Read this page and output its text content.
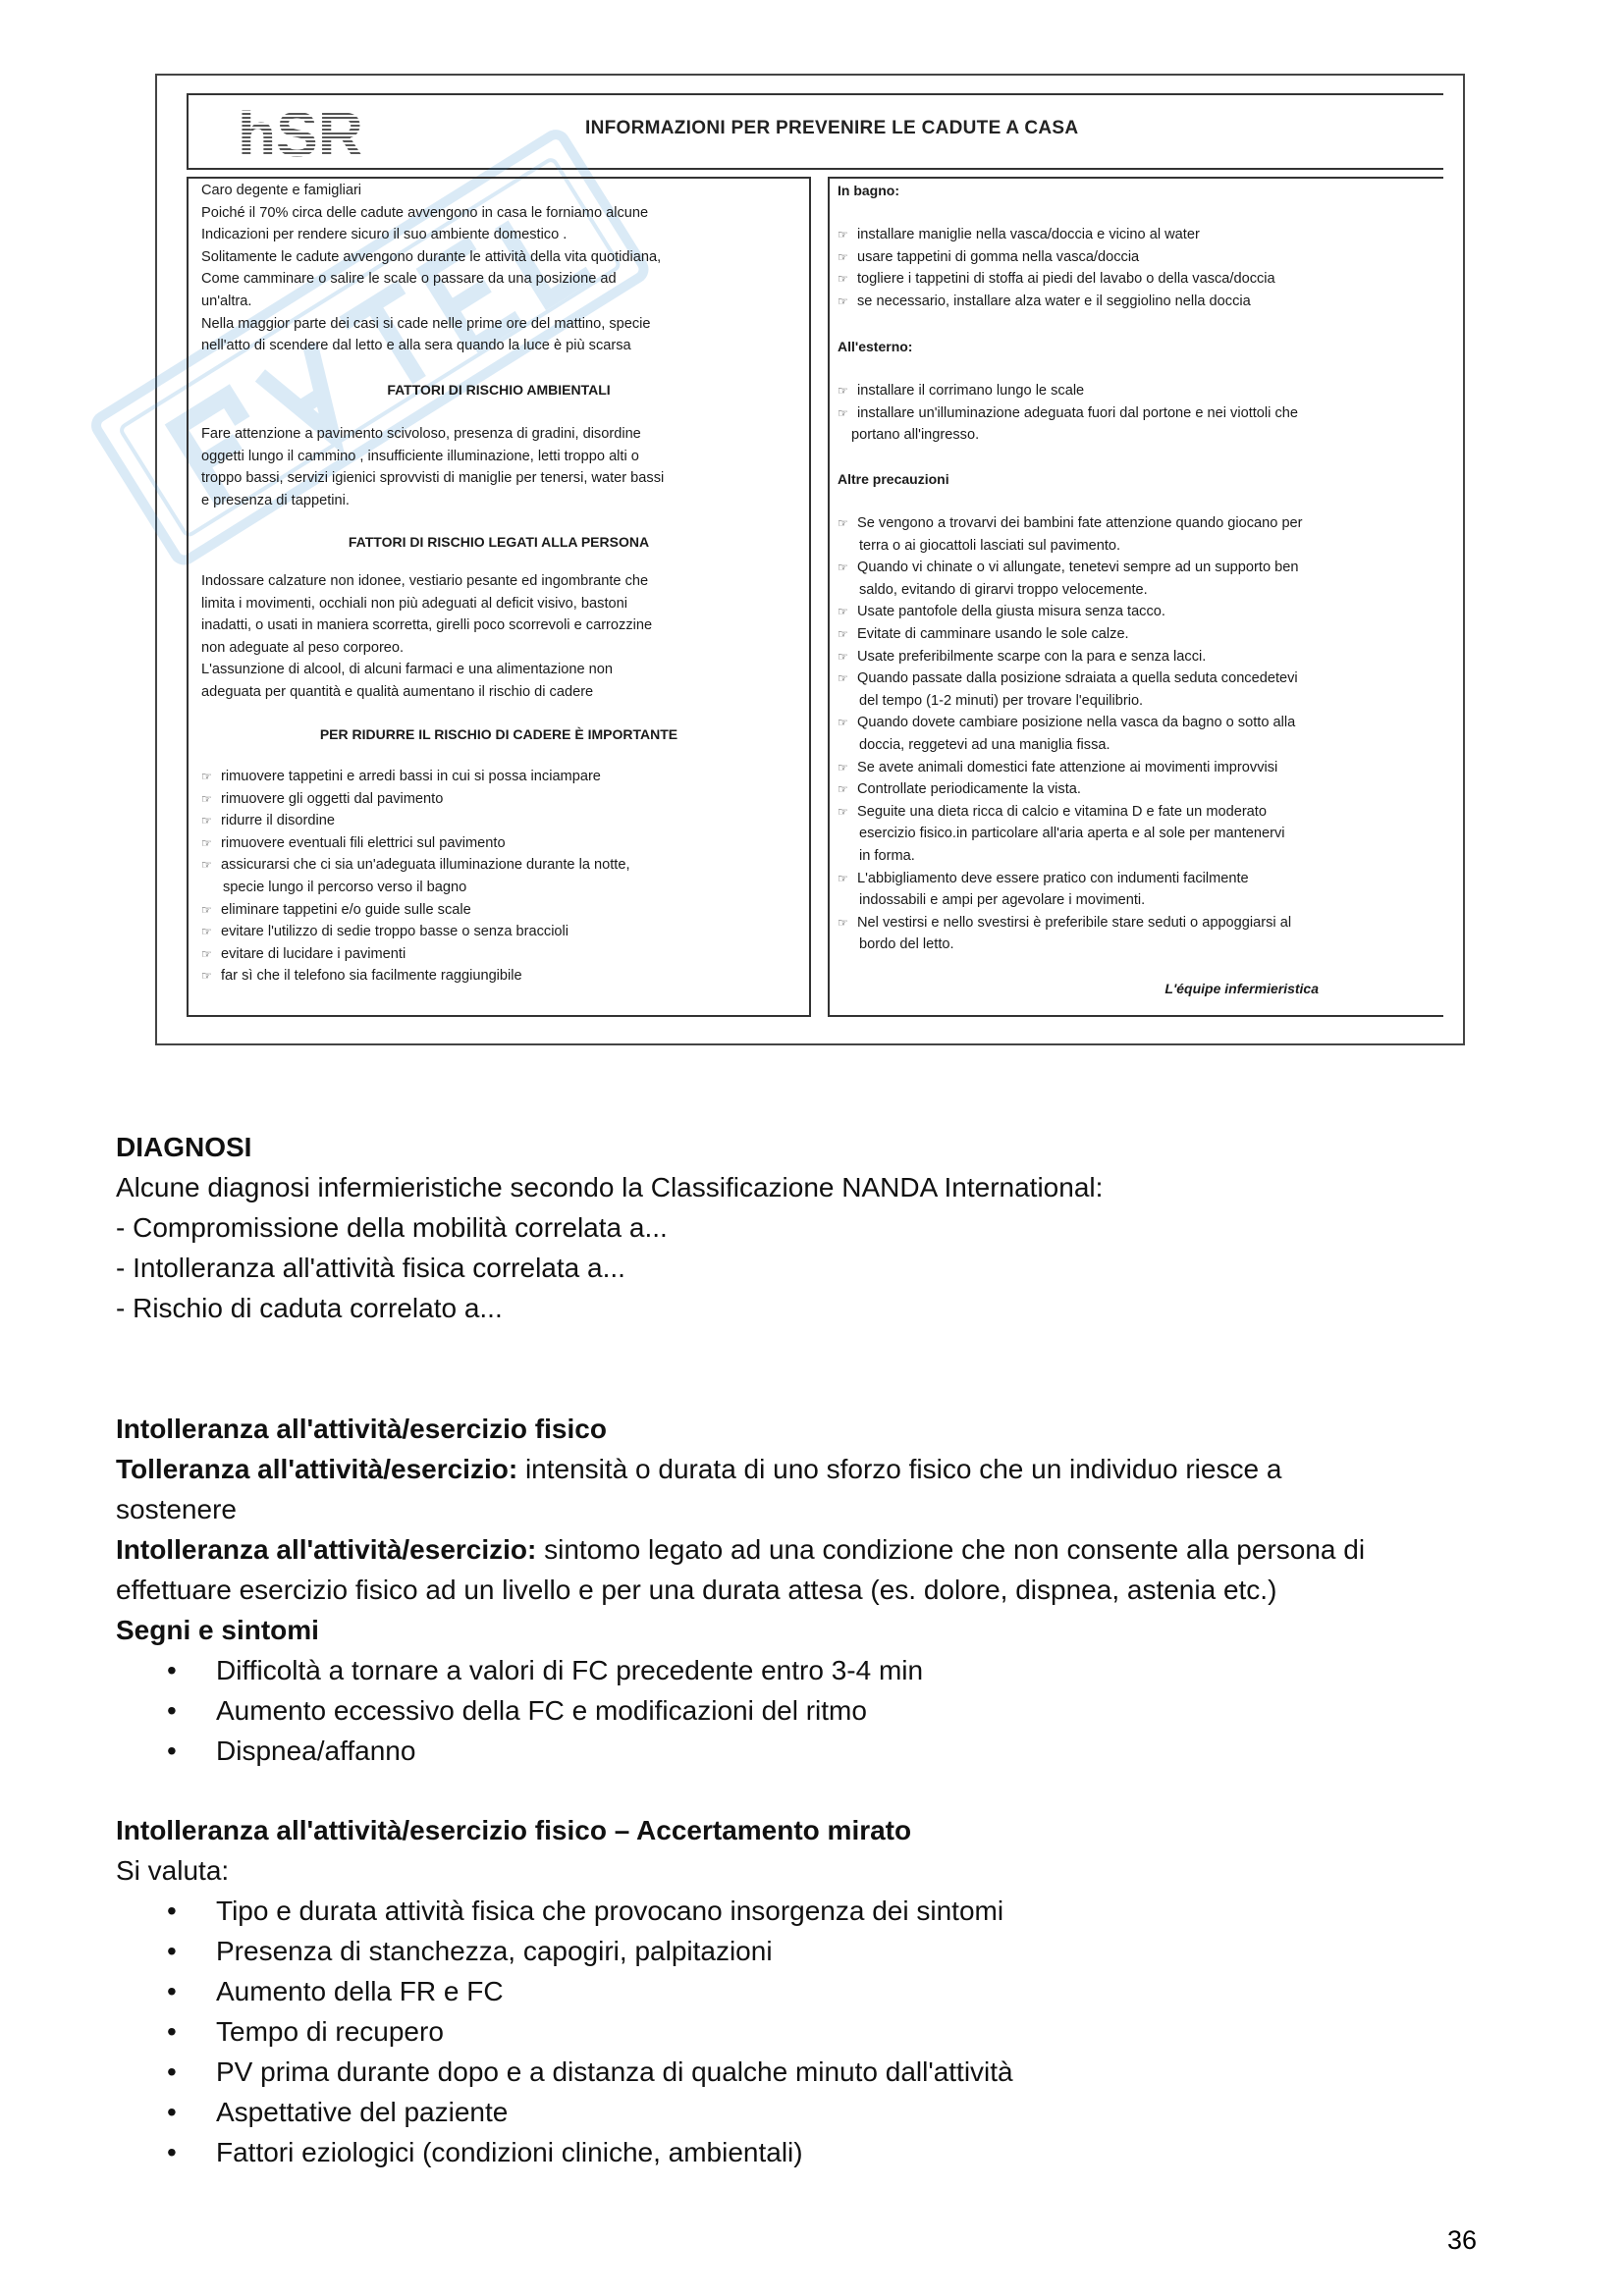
hSR	INFORMAZIONI PER PREVENIRE LE CADUTE A CASA

Caro degente e famigliari

Poiché il 70% circa delle cadute avvengono in casa le forniamo alcune

Indicazioni per rendere sicuro il suo ambiente domestico .

Solitamente le cadute avvengono durante le attività della vita quotidiana,

Come camminare o salire le scale o passare da una posizione ad

un'altra.

Nella maggior parte dei casi si cade nelle prime ore del mattino, specie

nell'atto di scendere dal letto e alla sera quando la luce è più scarsa

FATTORI DI RISCHIO AMBIENTALI

Fare attenzione a pavimento scivoloso, presenza di gradini, disordine

oggetti lungo il cammino , insufficiente illuminazione, letti troppo alti o

troppo bassi, servizi igienici sprovvisti di maniglie per tenersi, water bassi

e presenza di tappetini.

FATTORI DI RISCHIO LEGATI ALLA PERSONA

Indossare calzature non idonee, vestiario pesante ed ingombrante che

limita i movimenti, occhiali non più adeguati al deficit visivo, bastoni

inadatti, o usati in maniera scorretta, girelli poco scorrevoli e carrozzine

non adeguate al peso corporeo.

L'assunzione di alcool, di alcuni farmaci e una alimentazione non

adeguata per quantità e qualità aumentano il rischio di cadere

PER RIDURRE IL RISCHIO DI CADERE È IMPORTANTE

☞ rimuovere tappetini e arredi bassi in cui si possa inciampare
☞ rimuovere gli oggetti dal pavimento
☞ ridurre il disordine
☞ rimuovere eventuali fili elettrici sul pavimento
☞ assicurarsi che ci sia un'adeguata illuminazione durante la notte,
specie lungo il percorso verso il bagno
☞ eliminare tappetini e/o guide sulle scale
☞ evitare l'utilizzo di sedie troppo basse o senza braccioli
☞ evitare di lucidare i pavimenti
☞ far sì che il telefono sia facilmente raggiungibile

In bagno:

☞ installare maniglie nella vasca/doccia e vicino al water
☞ usare tappetini di gomma nella vasca/doccia
☞ togliere i tappetini di stoffa ai piedi del lavabo o della vasca/doccia
☞ se necessario, installare alza water e il seggiolino nella doccia

All'esterno:

☞ installare il corrimano lungo le scale
☞ installare un'illuminazione adeguata fuori dal portone e nei viottoli che
portano all'ingresso.

Altre precauzioni

☞ Se vengono a trovarvi dei bambini fate attenzione quando giocano per
terra o ai giocattoli lasciati sul pavimento.
☞ Quando vi chinate o vi allungate, tenetevi sempre ad un supporto ben
saldo, evitando di girarvi troppo velocemente.
☞ Usate pantofole della giusta misura senza tacco.
☞ Evitate di camminare usando le sole calze.
☞ Usate preferibilmente scarpe con la para e senza lacci.
☞ Quando passate dalla posizione sdraiata a quella seduta concedetevi
del tempo (1-2 minuti) per trovare l'equilibrio.
☞ Quando dovete cambiare posizione nella vasca da bagno o sotto alla
doccia, reggetevi ad una maniglia fissa.
☞ Se avete animali domestici fate attenzione ai movimenti improvvisi
☞ Controllate periodicamente la vista.
☞ Seguite una dieta ricca di calcio e vitamina D e fate un moderato
esercizio fisico.in particolare all'aria aperta e al sole per mantenervi
in forma.
☞ L'abbigliamento deve essere pratico con indumenti facilmente
indossabili e ampi per agevolare i movimenti.
☞ Nel vestirsi e nello svestirsi è preferibile stare seduti o appoggiarsi al
bordo del letto.

L'équipe infermieristica

DIAGNOSI

Alcune diagnosi infermieristiche secondo la Classificazione NANDA International:

- Compromissione della mobilità correlata a...

- Intolleranza all'attività fisica correlata a...

- Rischio di caduta correlato a...

Intolleranza all'attività/esercizio fisico

Tolleranza all'attività/esercizio: intensità o durata di uno sforzo fisico che un individuo riesce a

sostenere

Intolleranza all'attività/esercizio: sintomo legato ad una condizione che non consente alla persona di

effettuare esercizio fisico ad un livello e per una durata attesa (es. dolore, dispnea, astenia etc.)

Segni e sintomi

• Difficoltà a tornare a valori di FC precedente entro 3-4 min

• Aumento eccessivo della FC e modificazioni del ritmo

• Dispnea/affanno

Intolleranza all'attività/esercizio fisico – Accertamento mirato

Si valuta:

• Tipo e durata attività fisica che provocano insorgenza dei sintomi

• Presenza di stanchezza, capogiri, palpitazioni

• Aumento della FR e FC

• Tempo di recupero

• PV prima durante dopo e a distanza di qualche minuto dall'attività

• Aspettative del paziente

• Fattori eziologici (condizioni cliniche, ambientali)

36
